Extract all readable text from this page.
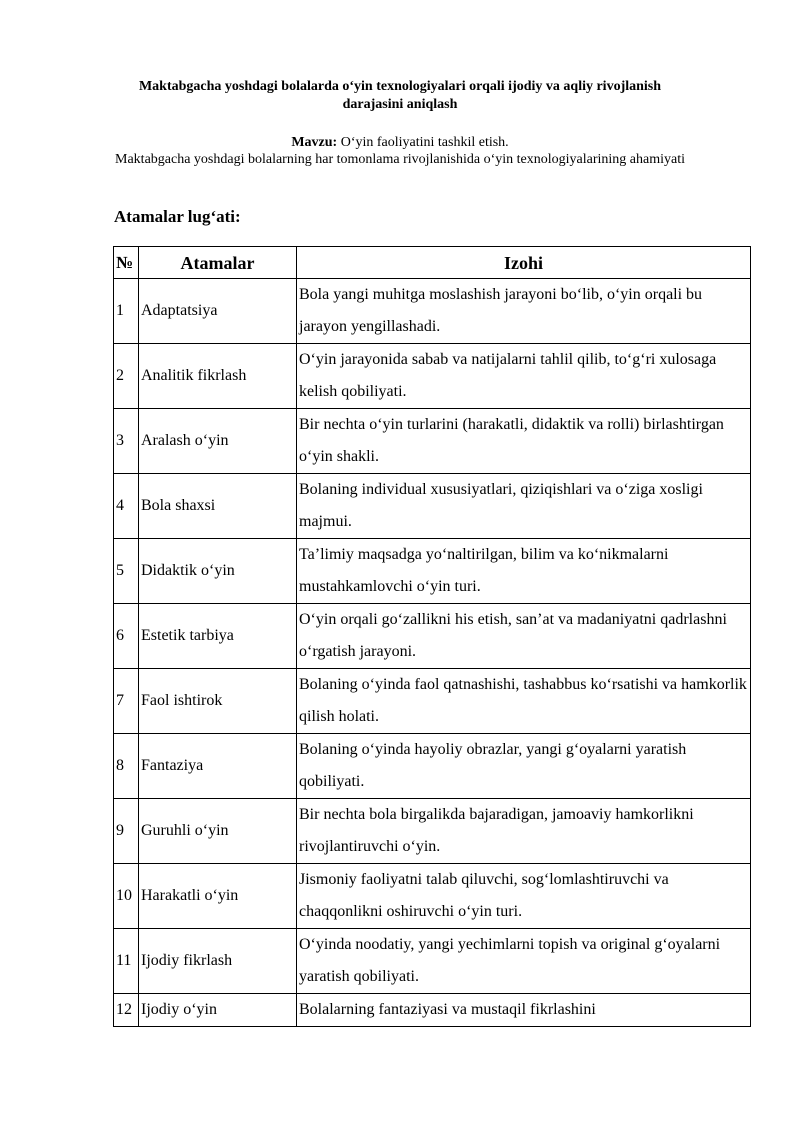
Maktabgacha yoshdagi bolalarda o‘yin texnologiyalari orqali ijodiy va aqliy rivojlanish darajasini aniqlash
Mavzu: O‘yin faoliyatini tashkil etish.
Maktabgacha yoshdagi bolalarning har tomonlama rivojlanishida o‘yin texnologiyalarining ahamiyati
Atamalar lug‘ati:
№	Atamalar	Izohi
1	Adaptatsiya	Bola yangi muhitga moslashish jarayoni bo‘lib, o‘yin orqali bu jarayon yengillashadi.
2	Analitik fikrlash	O‘yin jarayonida sabab va natijalarni tahlil qilib, to‘g‘ri xulosaga kelish qobiliyati.
3	Aralash o‘yin	Bir nechta o‘yin turlarini (harakatli, didaktik va rolli) birlashtirgan o‘yin shakli.
4	Bola shaxsi	Bolaning individual xususiyatlari, qiziqishlari va o‘ziga xosligi majmui.
5	Didaktik o‘yin	Ta’limiy maqsadga yo‘naltirilgan, bilim va ko‘nikmalarni mustahkamlovchi o‘yin turi.
6	Estetik tarbiya	O‘yin orqali go‘zallikni his etish, san’at va madaniyatni qadrlashni o‘rgatish jarayoni.
7	Faol ishtirok	Bolaning o‘yinda faol qatnashishi, tashabbus ko‘rsatishi va hamkorlik qilish holati.
8	Fantaziya	Bolaning o‘yinda hayoliy obrazlar, yangi g‘oyalarni yaratish qobiliyati.
9	Guruhli o‘yin	Bir nechta bola birgalikda bajaradigan, jamoaviy hamkorlikni rivojlantiruvchi o‘yin.
10	Harakatli o‘yin	Jismoniy faoliyatni talab qiluvchi, sog‘lomlashtiruvchi va chaqqonlikni oshiruvchi o‘yin turi.
11	Ijodiy fikrlash	O‘yinda noodatiy, yangi yechimlarni topish va original g‘oyalarni yaratish qobiliyati.
12	Ijodiy o‘yin	Bolalarning fantaziyasi va mustaqil fikrlashini
